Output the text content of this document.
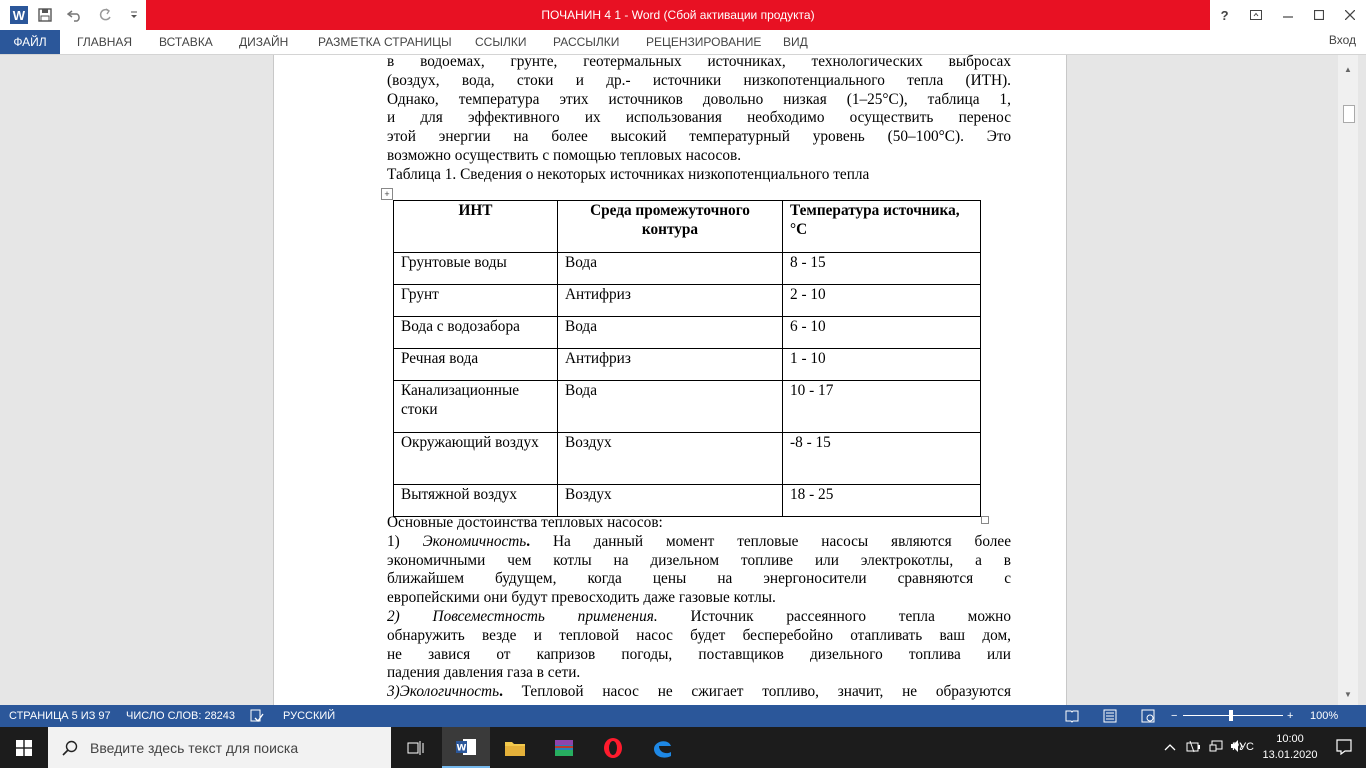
W	ПОЧАНИН 4 1 - Word (Сбой активации продукта)	?
ФАЙЛ	ГЛАВНАЯ ВСТАВКА ДИЗАЙН РАЗМЕТКА СТРАНИЦЫ ССЫЛКИ РАССЫЛКИ РЕЦЕНЗИРОВАНИЕ ВИД	Вход
в водоемах, грунте, геотермальных источниках, технологических выбросах
(воздух, вода, стоки и др.- источники низкопотенциального тепла (ИТН).
Однако, температура этих источников довольно низкая (1–25°С), таблица 1,
и для эффективного их использования необходимо осуществить перенос
этой энергии на более высокий температурный уровень (50–100°С). Это
возможно осуществить с помощью тепловых насосов.
Таблица 1. Сведения о некоторых источниках низкопотенциального тепла
+
ИНТ	Среда промежуточного контура	Температура источника, °С
Грунтовые воды	Вода	8 - 15
Грунт	Антифриз	2 - 10
Вода с водозабора	Вода	6 - 10
Речная вода	Антифриз	1 - 10
Канализационные стоки	Вода	10 - 17
Окружающий воздух	Воздух	-8 - 15
Вытяжной воздух	Воздух	18 - 25
Основные достоинства тепловых насосов:
1) Экономичность. На данный момент тепловые насосы являются более
экономичными чем котлы на дизельном топливе или электрокотлы, а в
ближайшем будущем, когда цены на энергоносители сравняются с
европейскими они будут превосходить даже газовые котлы.
2) Повсеместность применения. Источник рассеянного тепла можно
обнаружить везде и тепловой насос будет бесперебойно отапливать ваш дом,
не завися от капризов погоды, поставщиков дизельного топлива или
падения давления газа в сети.
3)Экологичность. Тепловой насос не сжигает топливо, значит, не образуются
▲
▼
СТРАНИЦА 5 ИЗ 97 ЧИСЛО СЛОВ: 28243	РУССКИЙ	−	+ 100%
Введите здесь текст для поиска	W	РУС
10:00
13.01.2020
